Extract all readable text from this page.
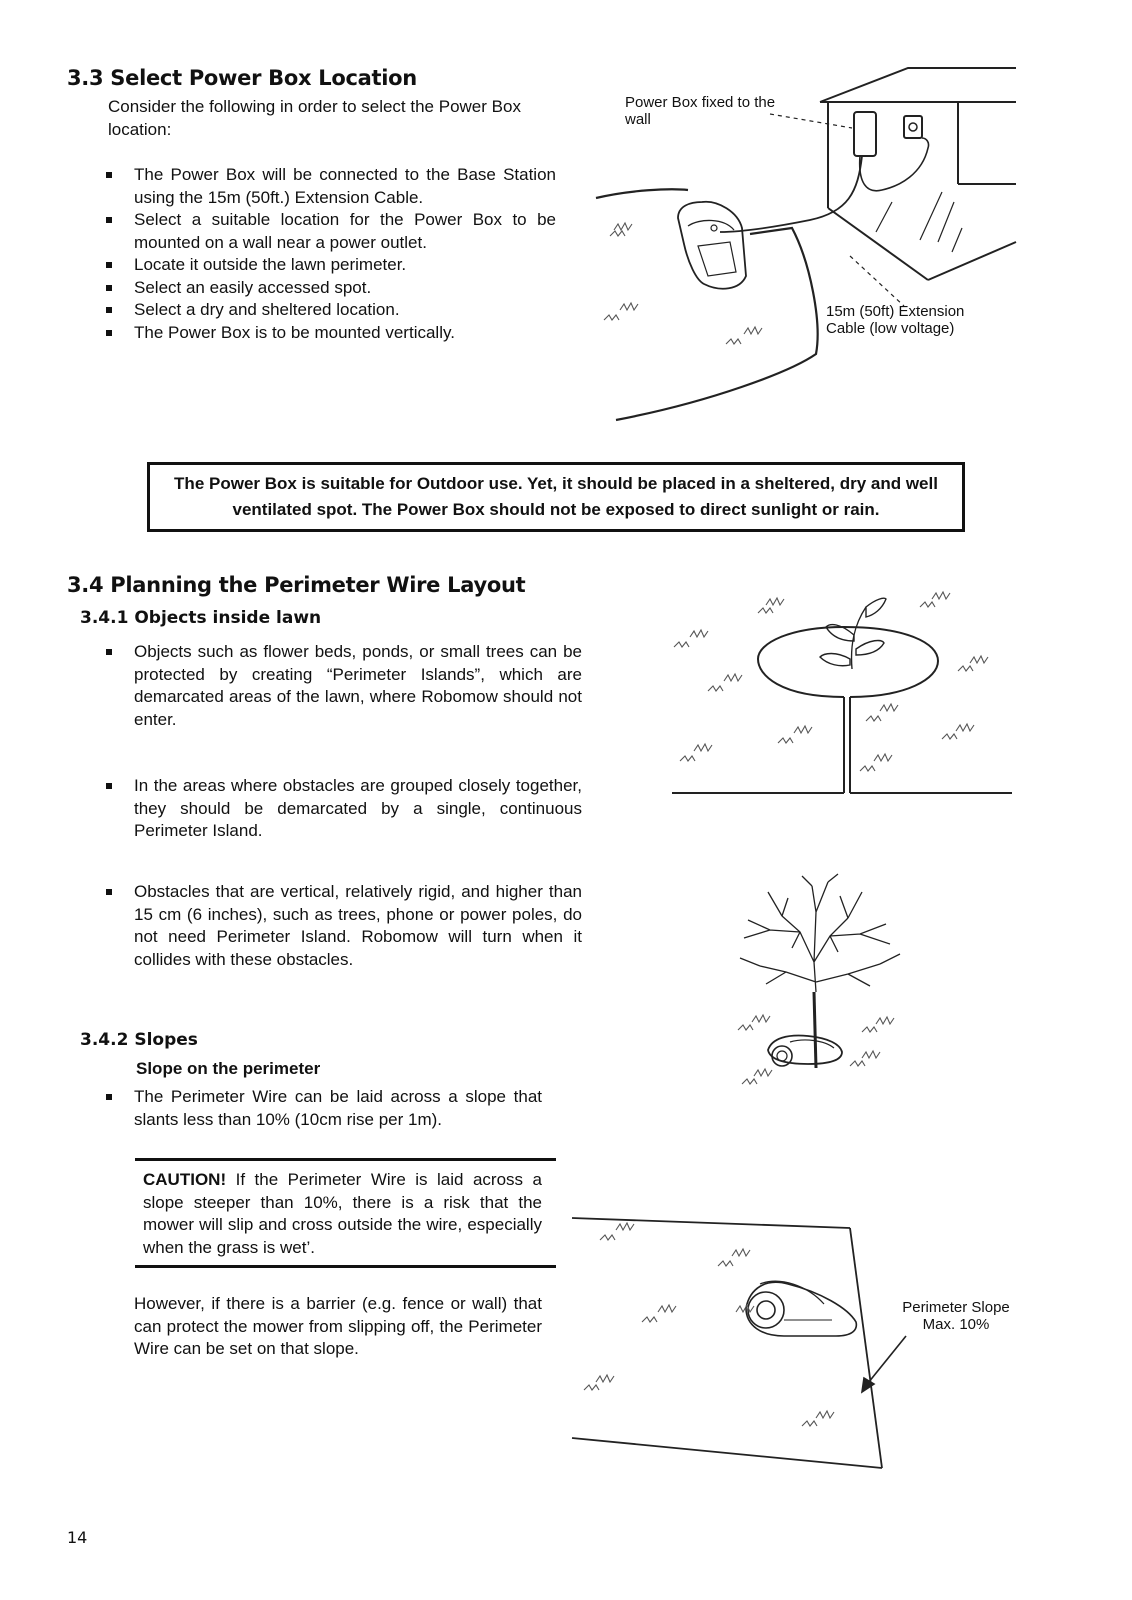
3.3 Select Power Box Location
Consider the following in order to select the Power Box location:
The Power Box will be connected to the Base Station using the 15m (50ft.) Extension Cable.
Select a suitable location for the Power Box to be mounted on a wall near a power outlet.
Locate it outside the lawn perimeter.
Select an easily accessed spot.
Select a dry and sheltered location.
The Power Box is to be mounted vertically.
Power Box fixed to the wall
15m (50ft) Extension Cable (low voltage)
The Power Box is suitable for Outdoor use. Yet, it should be placed in a sheltered, dry and well ventilated spot. The Power Box should not be exposed to direct sunlight or rain.
3.4 Planning the Perimeter Wire Layout
3.4.1 Objects inside lawn
Objects such as flower beds, ponds, or small trees can be protected by creating “Perimeter Islands”, which are demarcated areas of the lawn, where Robomow should not enter.
In the areas where obstacles are grouped closely together, they should be demarcated by a single, continuous Perimeter Island.
Obstacles that are vertical, relatively rigid, and higher than 15 cm (6 inches), such as trees, phone or power poles, do not need Perimeter Island. Robomow will turn when it collides with these obstacles.
3.4.2 Slopes
Slope on the perimeter
The Perimeter Wire can be laid across a slope that slants less than 10% (10cm rise per 1m).
CAUTION! If the Perimeter Wire is laid across a slope steeper than 10%, there is a risk that the mower will slip and cross outside the wire, especially when the grass is wet’.
However, if there is a barrier (e.g. fence or wall) that can protect the mower from slipping off, the Perimeter Wire can be set on that slope.
Perimeter Slope Max. 10%
14
